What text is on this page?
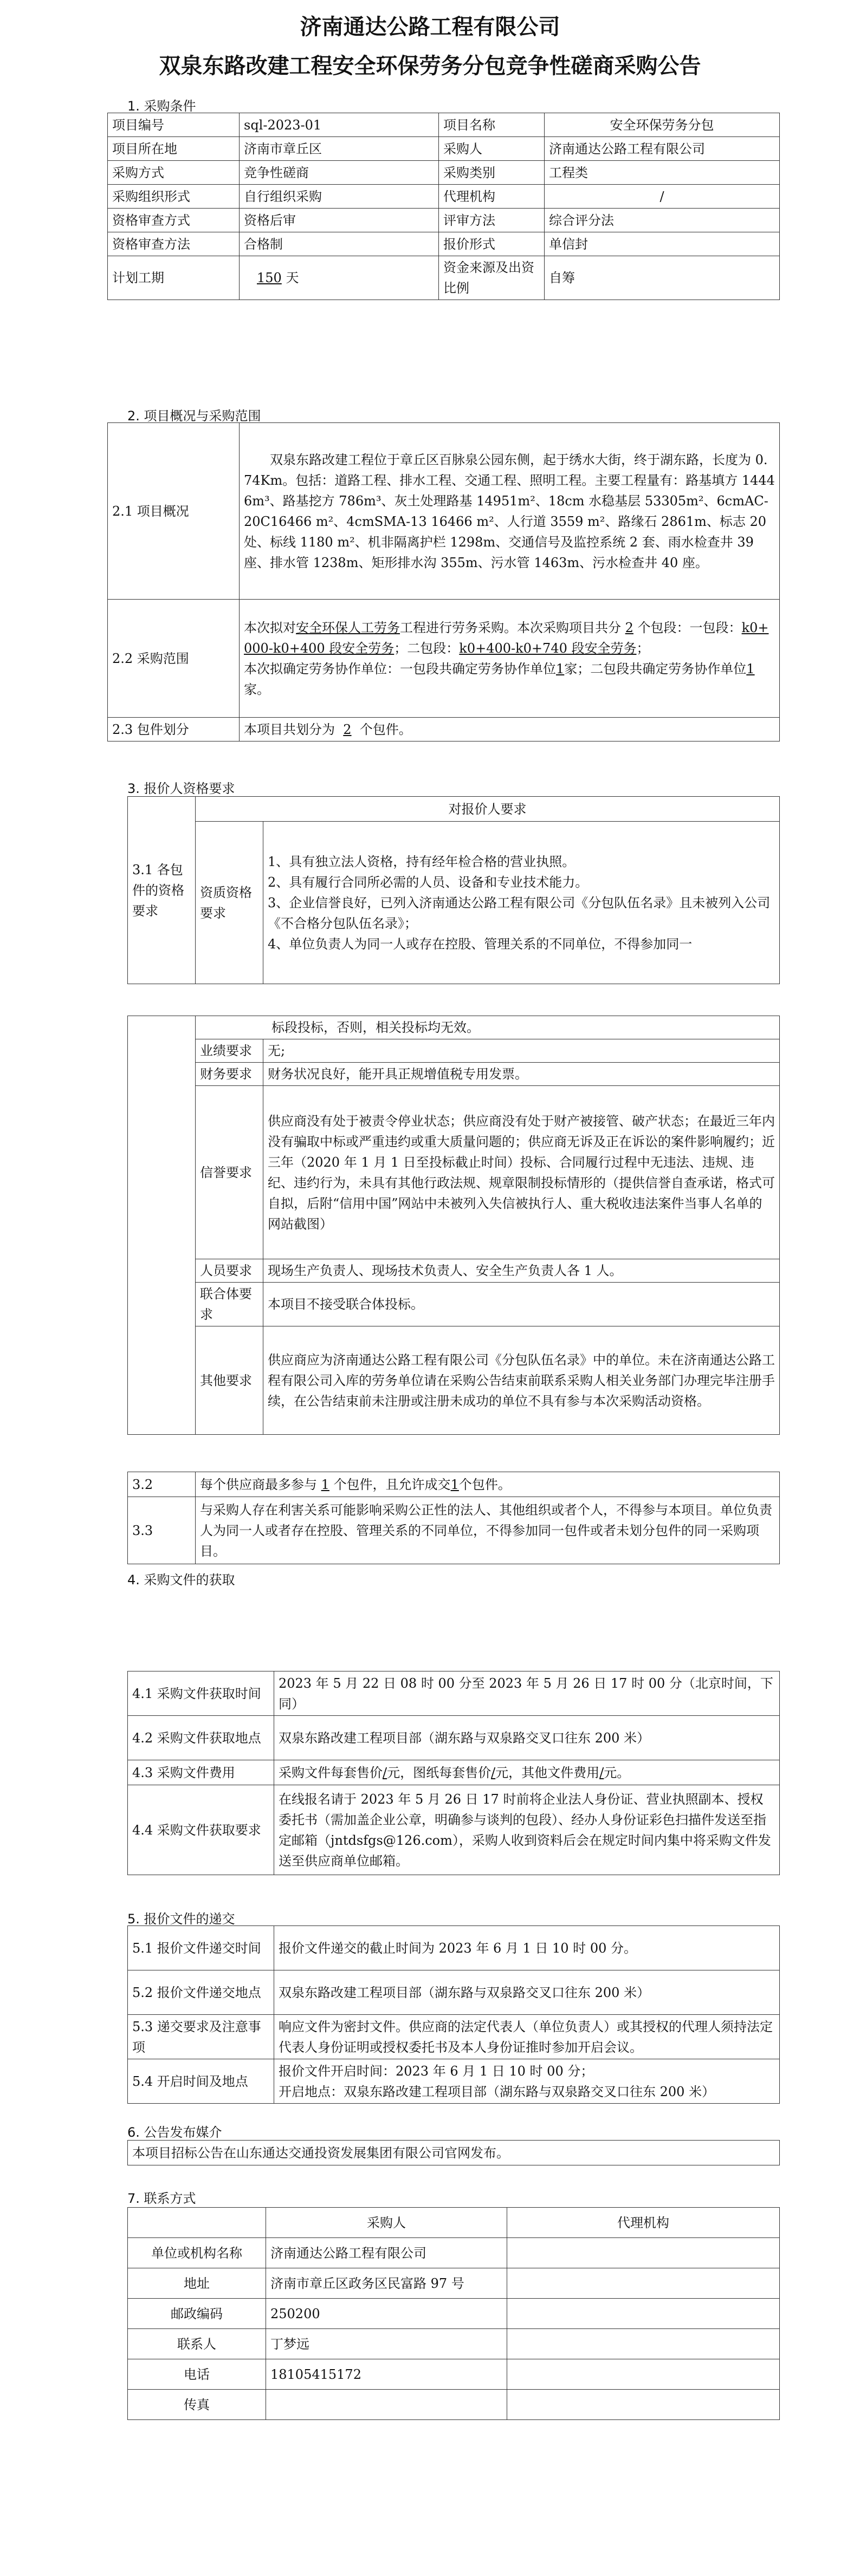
济南通达公路工程有限公司
双泉东路改建工程安全环保劳务分包竞争性磋商采购公告
1. 采购条件
项目编号	sql-2023-01	项目名称	安全环保劳务分包
项目所在地	济南市章丘区	采购人	济南通达公路工程有限公司
采购方式	竞争性磋商	采购类别	工程类
采购组织形式	自行组织采购	代理机构	/
资格审查方式	资格后审	评审方法	综合评分法
资格审查方法	合格制	报价形式	单信封
计划工期	150 天	资金来源及出资比例	自筹
2. 项目概况与采购范围
2.1 项目概况	双泉东路改建工程位于章丘区百脉泉公园东侧，起于绣水大街，终于湖东路，长度为 0.74Km。包括：道路工程、排水工程、交通工程、照明工程。主要工程量有：路基填方 14446m³、路基挖方 786m³、灰土处理路基 14951m²、18cm 水稳基层 53305m²、6cmAC-20C16466 m²、4cmSMA-13 16466 m²、人行道 3559 m²、路缘石 2861m、标志 20 处、标线 1180 m²、机非隔离护栏 1298m、交通信号及监控系统 2 套、雨水检查井 39 座、排水管 1238m、矩形排水沟 355m、污水管 1463m、污水检查井 40 座。
2.2 采购范围	本次拟对安全环保人工劳务工程进行劳务采购。本次采购项目共分 2 个包段：一包段：k0+000-k0+400 段安全劳务；二包段：k0+400-k0+740 段安全劳务；
本次拟确定劳务协作单位：一包段共确定劳务协作单位1家；二包段共确定劳务协作单位1家。
2.3 包件划分	本项目共划分为 2 个包件。
3. 报价人资格要求
3.1 各包件的资格要求	对报价人要求	
	资质资格要求	1、具有独立法人资格，持有经年检合格的营业执照。
2、具有履行合同所必需的人员、设备和专业技术能力。
3、企业信誉良好，已列入济南通达公路工程有限公司《分包队伍名录》且未被列入公司《不合格分包队伍名录》；
4、单位负责人为同一人或存在控股、管理关系的不同单位，不得参加同一
	标段投标，否则，相关投标均无效。	
	业绩要求	无;
	财务要求	财务状况良好，能开具正规增值税专用发票。
	信誉要求	供应商没有处于被责令停业状态；供应商没有处于财产被接管、破产状态；在最近三年内没有骗取中标或严重违约或重大质量问题的；供应商无诉及正在诉讼的案件影响履约；近三年（2020 年 1 月 1 日至投标截止时间）投标、合同履行过程中无违法、违规、违纪、违约行为，未具有其他行政法规、规章限制投标情形的（提供信誉自查承诺，格式可自拟，后附“信用中国”网站中未被列入失信被执行人、重大税收违法案件当事人名单的网站截图）
	人员要求	现场生产负责人、现场技术负责人、安全生产负责人各 1 人。
	联合体要求	本项目不接受联合体投标。
	其他要求	供应商应为济南通达公路工程有限公司《分包队伍名录》中的单位。未在济南通达公路工程有限公司入库的劳务单位请在采购公告结束前联系采购人相关业务部门办理完毕注册手续，在公告结束前未注册或注册未成功的单位不具有参与本次采购活动资格。
3.2	每个供应商最多参与 1 个包件，且允许成交1个包件。
3.3	与采购人存在利害关系可能影响采购公正性的法人、其他组织或者个人，不得参与本项目。单位负责人为同一人或者存在控股、管理关系的不同单位，不得参加同一包件或者未划分包件的同一采购项目。
4. 采购文件的获取
4.1 采购文件获取时间	2023 年 5 月 22 日 08 时 00 分至 2023 年 5 月 26 日 17 时 00 分（北京时间，下同）
4.2 采购文件获取地点	双泉东路改建工程项目部（湖东路与双泉路交叉口往东 200 米）
4.3 采购文件费用	采购文件每套售价/元，图纸每套售价/元，其他文件费用/元。
4.4 采购文件获取要求	在线报名请于 2023 年 5 月 26 日 17 时前将企业法人身份证、营业执照副本、授权委托书（需加盖企业公章，明确参与谈判的包段）、经办人身份证彩色扫描件发送至指定邮箱（jntdsfgs@126.com），采购人收到资料后会在规定时间内集中将采购文件发送至供应商单位邮箱。
5. 报价文件的递交
5.1 报价文件递交时间	报价文件递交的截止时间为 2023 年 6 月 1 日 10 时 00 分。
5.2 报价文件递交地点	双泉东路改建工程项目部（湖东路与双泉路交叉口往东 200 米）
5.3 递交要求及注意事项	响应文件为密封文件。供应商的法定代表人（单位负责人）或其授权的代理人须持法定代表人身份证明或授权委托书及本人身份证推时参加开启会议。
5.4 开启时间及地点	报价文件开启时间：2023 年 6 月 1 日 10 时 00 分；
开启地点：双泉东路改建工程项目部（湖东路与双泉路交叉口往东 200 米）
6. 公告发布媒介
本项目招标公告在山东通达交通投资发展集团有限公司官网发布。
7. 联系方式
	采购人	代理机构
单位或机构名称	济南通达公路工程有限公司	
地址	济南市章丘区政务区民富路 97 号	
邮政编码	250200	
联系人	丁梦远	
电话	18105415172	
传真		
